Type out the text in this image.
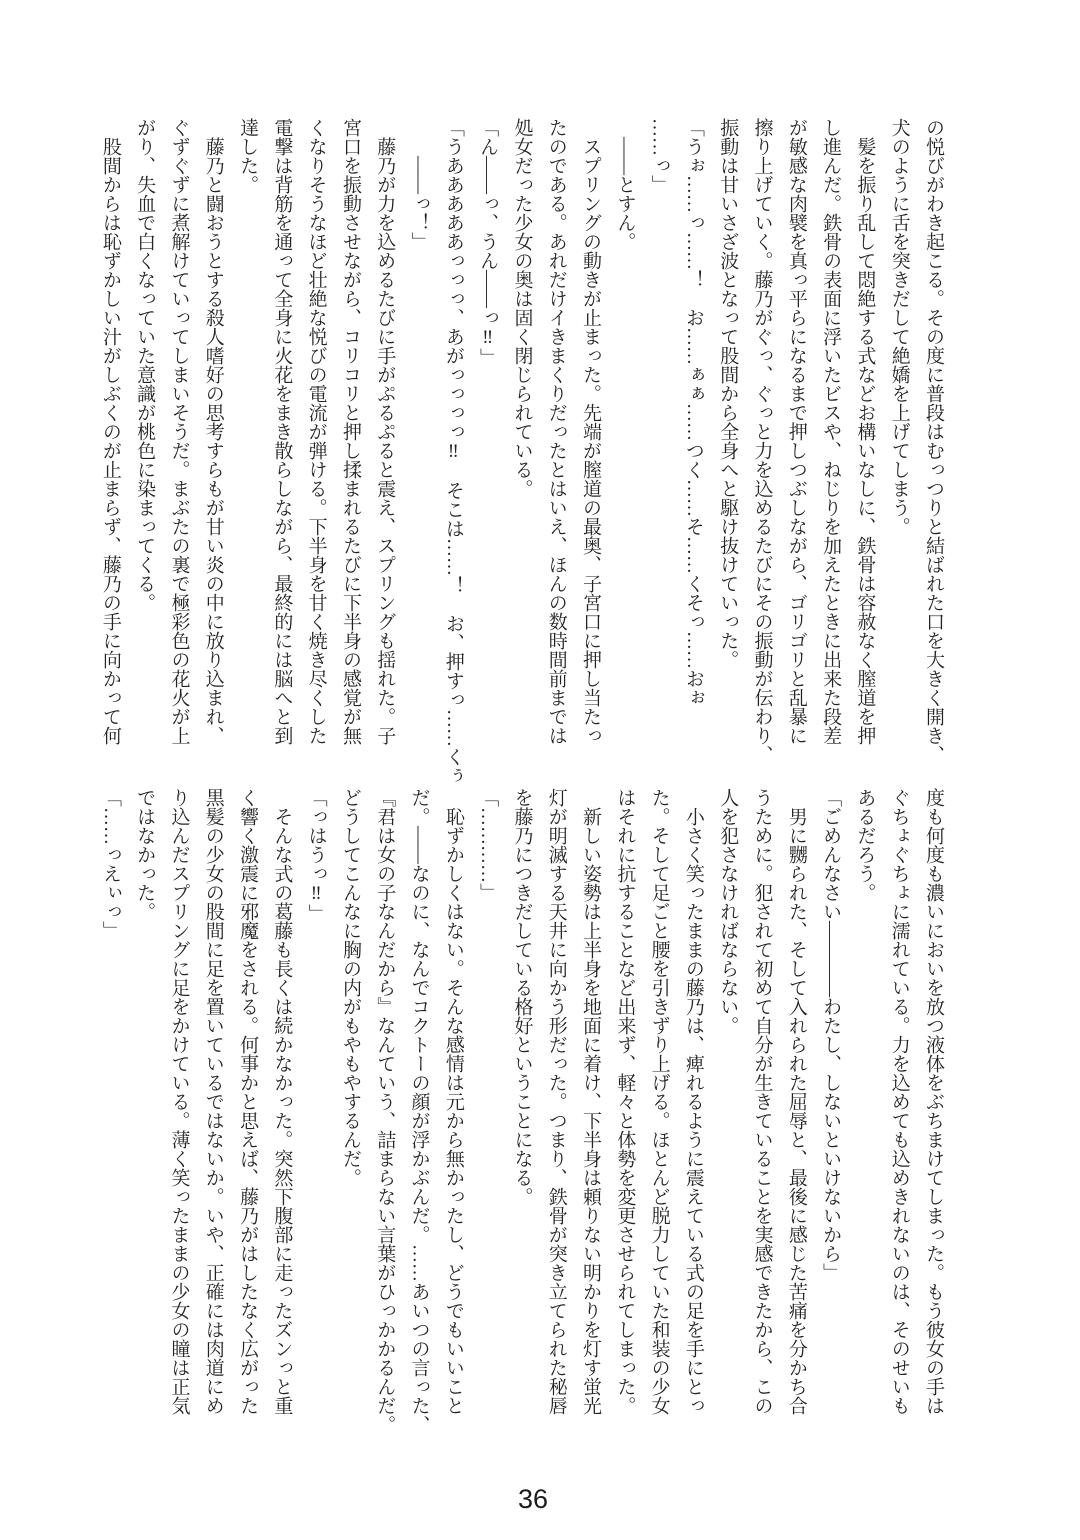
の悦びがわき起こる。その度に普段はむっつりと結ばれた口を大きく開き、

犬のように舌を突きだして絶嬌を上げてしまう。

　髪を振り乱して悶絶する式などお構いなしに、鉄骨は容赦なく膣道を押

し進んだ。鉄骨の表面に浮いたビスや、ねじりを加えたときに出来た段差

が敏感な肉襞を真っ平らになるまで押しつぶしながら、ゴリゴリと乱暴に

擦り上げていく。藤乃がぐっ、ぐっと力を込めるたびにその振動が伝わり、

振動は甘いさざ波となって股間から全身へと駆け抜けていった。

「うぉ……っ……！　お……ぁぁ……つく……そ……くそっ……おぉ

……っ」

　――とすん。

　スプリングの動きが止まった。先端が膣道の最奥、子宮口に押し当たっ

たのである。あれだけイきまくりだったとはいえ、ほんの数時間前までは

処女だった少女の奥は固く閉じられている。

「ん――っ、うん――っ‼」

「うあああああっっっ、あがっっっっ‼　そこは……！　お、押すっ……くぅ

　　――っ！」

　藤乃が力を込めるたびに手がぷるぷると震え、スプリングも揺れた。子

宮口を振動させながら、コリコリと押し揉まれるたびに下半身の感覚が無

くなりそうなほど壮絶な悦びの電流が弾ける。下半身を甘く焼き尽くした

電撃は背筋を通って全身に火花をまき散らしながら、最終的には脳へと到

達した。

　藤乃と闘おうとする殺人嗜好の思考すらもが甘い炎の中に放り込まれ、

ぐずぐずに煮解けていってしまいそうだ。まぶたの裏で極彩色の花火が上

がり、失血で白くなっていた意識が桃色に染まってくる。

　股間からは恥ずかしい汁がしぶくのが止まらず、藤乃の手に向かって何

度も何度も濃いにおいを放つ液体をぶちまけてしまった。もう彼女の手は

ぐちょぐちょに濡れている。力を込めても込めきれないのは、そのせいも

あるだろう。

「ごめんなさい――――わたし、しないといけないから」

　男に嬲られた、そして入れられた屈辱と、最後に感じた苦痛を分かち合

うために。犯されて初めて自分が生きていることを実感できたから、この

人を犯さなければならない。

　小さく笑ったままの藤乃は、痺れるように震えている式の足を手にとっ

た。そして足ごと腰を引きずり上げる。ほとんど脱力していた和装の少女

はそれに抗することなど出来ず、軽々と体勢を変更させられてしまった。

　新しい姿勢は上半身を地面に着け、下半身は頼りない明かりを灯す蛍光

灯が明滅する天井に向かう形だった。つまり、鉄骨が突き立てられた秘唇

を藤乃につきだしている格好ということになる。

「…………」

　恥ずかしくはない。そんな感情は元から無かったし、どうでもいいこと

だ。――なのに、なんでコクトーの顔が浮かぶんだ。……あいつの言った、

『君は女の子なんだから』なんていう、詰まらない言葉がひっかかるんだ。

どうしてこんなに胸の内がもやもやするんだ。

「っはうっ‼」

　そんな式の葛藤も長くは続かなかった。突然下腹部に走ったズンっと重

く響く激震に邪魔をされる。何事かと思えば、藤乃がはしたなく広がった

黒髪の少女の股間に足を置いているではないか。いや、正確には肉道にめ

り込んだスプリングに足をかけている。薄く笑ったままの少女の瞳は正気

ではなかった。

「……っえぃっ」

36
